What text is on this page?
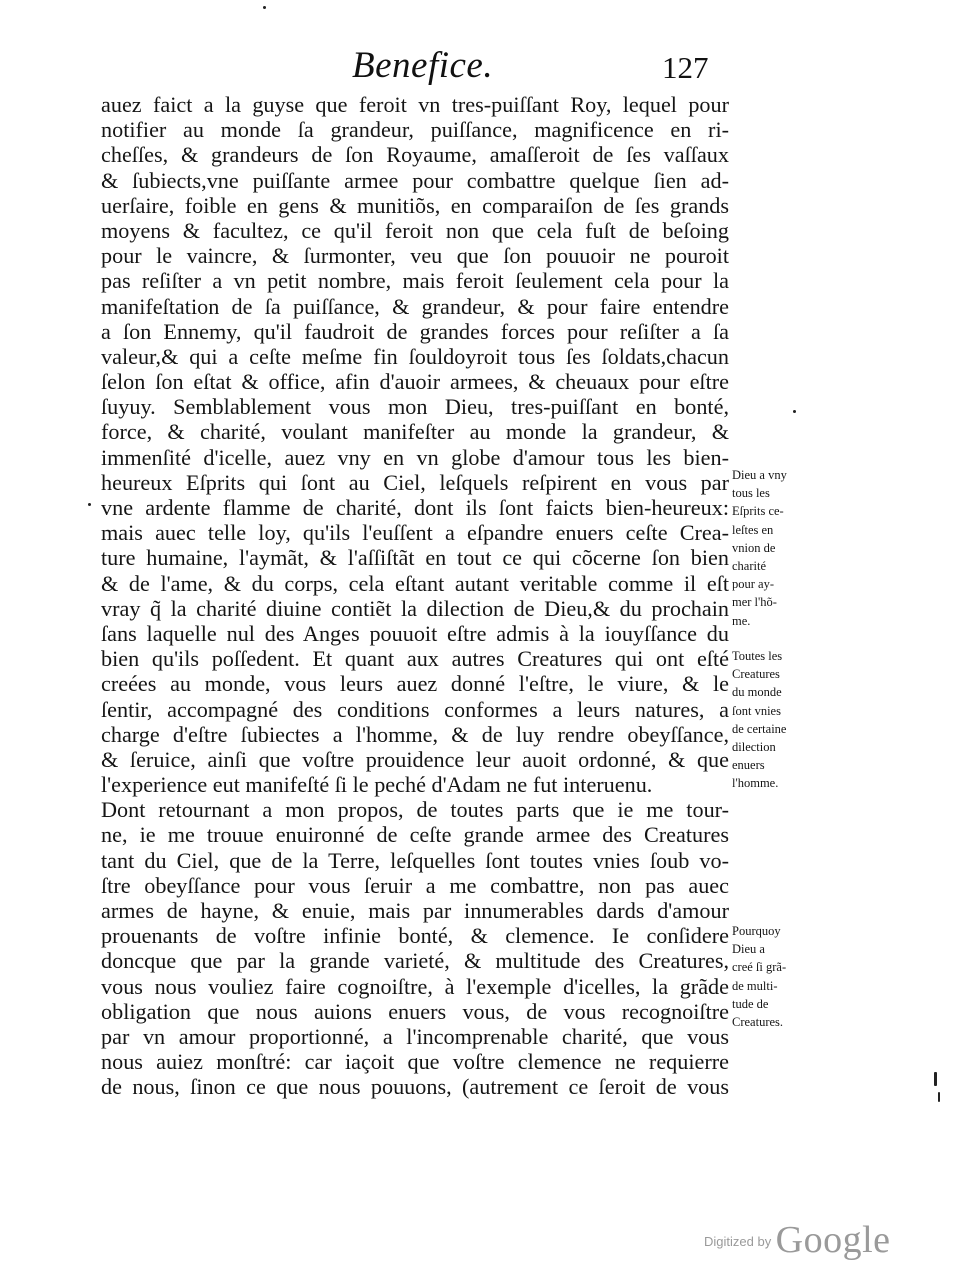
Benefice.	127
auez faict a la guyse que feroit vn tres-puiſſant Roy, lequel pour
notifier au monde ſa grandeur, puiſſance, magnificence en ri-
cheſſes, & grandeurs de ſon Royaume, amaſſeroit de ſes vaſſaux
& ſubiects,vne puiſſante armee pour combattre quelque ſien ad-
uerſaire, foible en gens & munitiõs, en comparaiſon de ſes grands
moyens & facultez, ce qu'il feroit non que cela fuſt de beſoing
pour le vaincre, & ſurmonter, veu que ſon pouuoir ne pouroit
pas reſiſter a vn petit nombre, mais feroit ſeulement cela pour la
manifeſtation de ſa puiſſance, & grandeur, & pour faire entendre
a ſon Ennemy, qu'il faudroit de grandes forces pour reſiſter a ſa
valeur,& qui a ceſte meſme fin ſouldoyroit tous ſes ſoldats,chacun
ſelon ſon eſtat & office, afin d'auoir armees, & cheuaux pour eſtre
ſuyuy. Semblablement vous mon Dieu, tres-puiſſant en bonté,
force, & charité, voulant manifeſter au monde la grandeur, &
immenſité d'icelle, auez vny en vn globe d'amour tous les bien-
heureux Eſprits qui ſont au Ciel, leſquels reſpirent en vous par
vne ardente flamme de charité, dont ils ſont faicts bien-heureux:
mais auec telle loy, qu'ils l'euſſent a eſpandre enuers ceſte Crea-
ture humaine, l'aymãt, & l'aſſiſtãt en tout ce qui cõcerne ſon bien
& de l'ame, & du corps, cela eſtant autant veritable comme il eſt
vray q̃ la charité diuine contiẽt la dilection de Dieu,& du prochain
ſans laquelle nul des Anges pouuoit eſtre admis à la iouyſſance du
bien qu'ils poſſedent. Et quant aux autres Creatures qui ont eſté
creées au monde, vous leurs auez donné l'eſtre, le viure, & le
ſentir, accompagné des conditions conformes a leurs natures, a
charge d'eſtre ſubiectes a l'homme, & de luy rendre obeyſſance,
& ſeruice, ainſi que voſtre prouidence leur auoit ordonné, & que
l'experience eut manifeſté ſi le peché d'Adam ne fut interuenu.
Dont retournant a mon propos, de toutes parts que ie me tour-
ne, ie me trouue enuironné de ceſte grande armee des Creatures
tant du Ciel, que de la Terre, leſquelles ſont toutes vnies ſoub vo-
ſtre obeyſſance pour vous ſeruir a me combattre, non pas auec
armes de hayne, & enuie, mais par innumerables dards d'amour
prouenants de voſtre infinie bonté, & clemence. Ie conſidere
doncque que par la grande varieté, & multitude des Creatures,
vous nous vouliez faire cognoiſtre, à l'exemple d'icelles, la grãde
obligation que nous auions enuers vous, de vous recognoiſtre
par vn amour proportionné, a l'incomprenable charité, que vous
nous auiez monſtré: car iaçoit que voſtre clemence ne requierre
de nous, ſinon ce que nous pouuons, (autrement ce ſeroit de vous
Dieu a vny
tous les
Eſprits ce-
leſtes en
vnion de
charité
pour ay-
mer l'hõ-
me.
Toutes les
Creatures
du monde
ſont vnies
de certaine
dilection
enuers
l'homme.
Pourquoy
Dieu a
creé ſi grã-
de multi-
tude de
Creatures.
$^{Digitized by}$ Google
